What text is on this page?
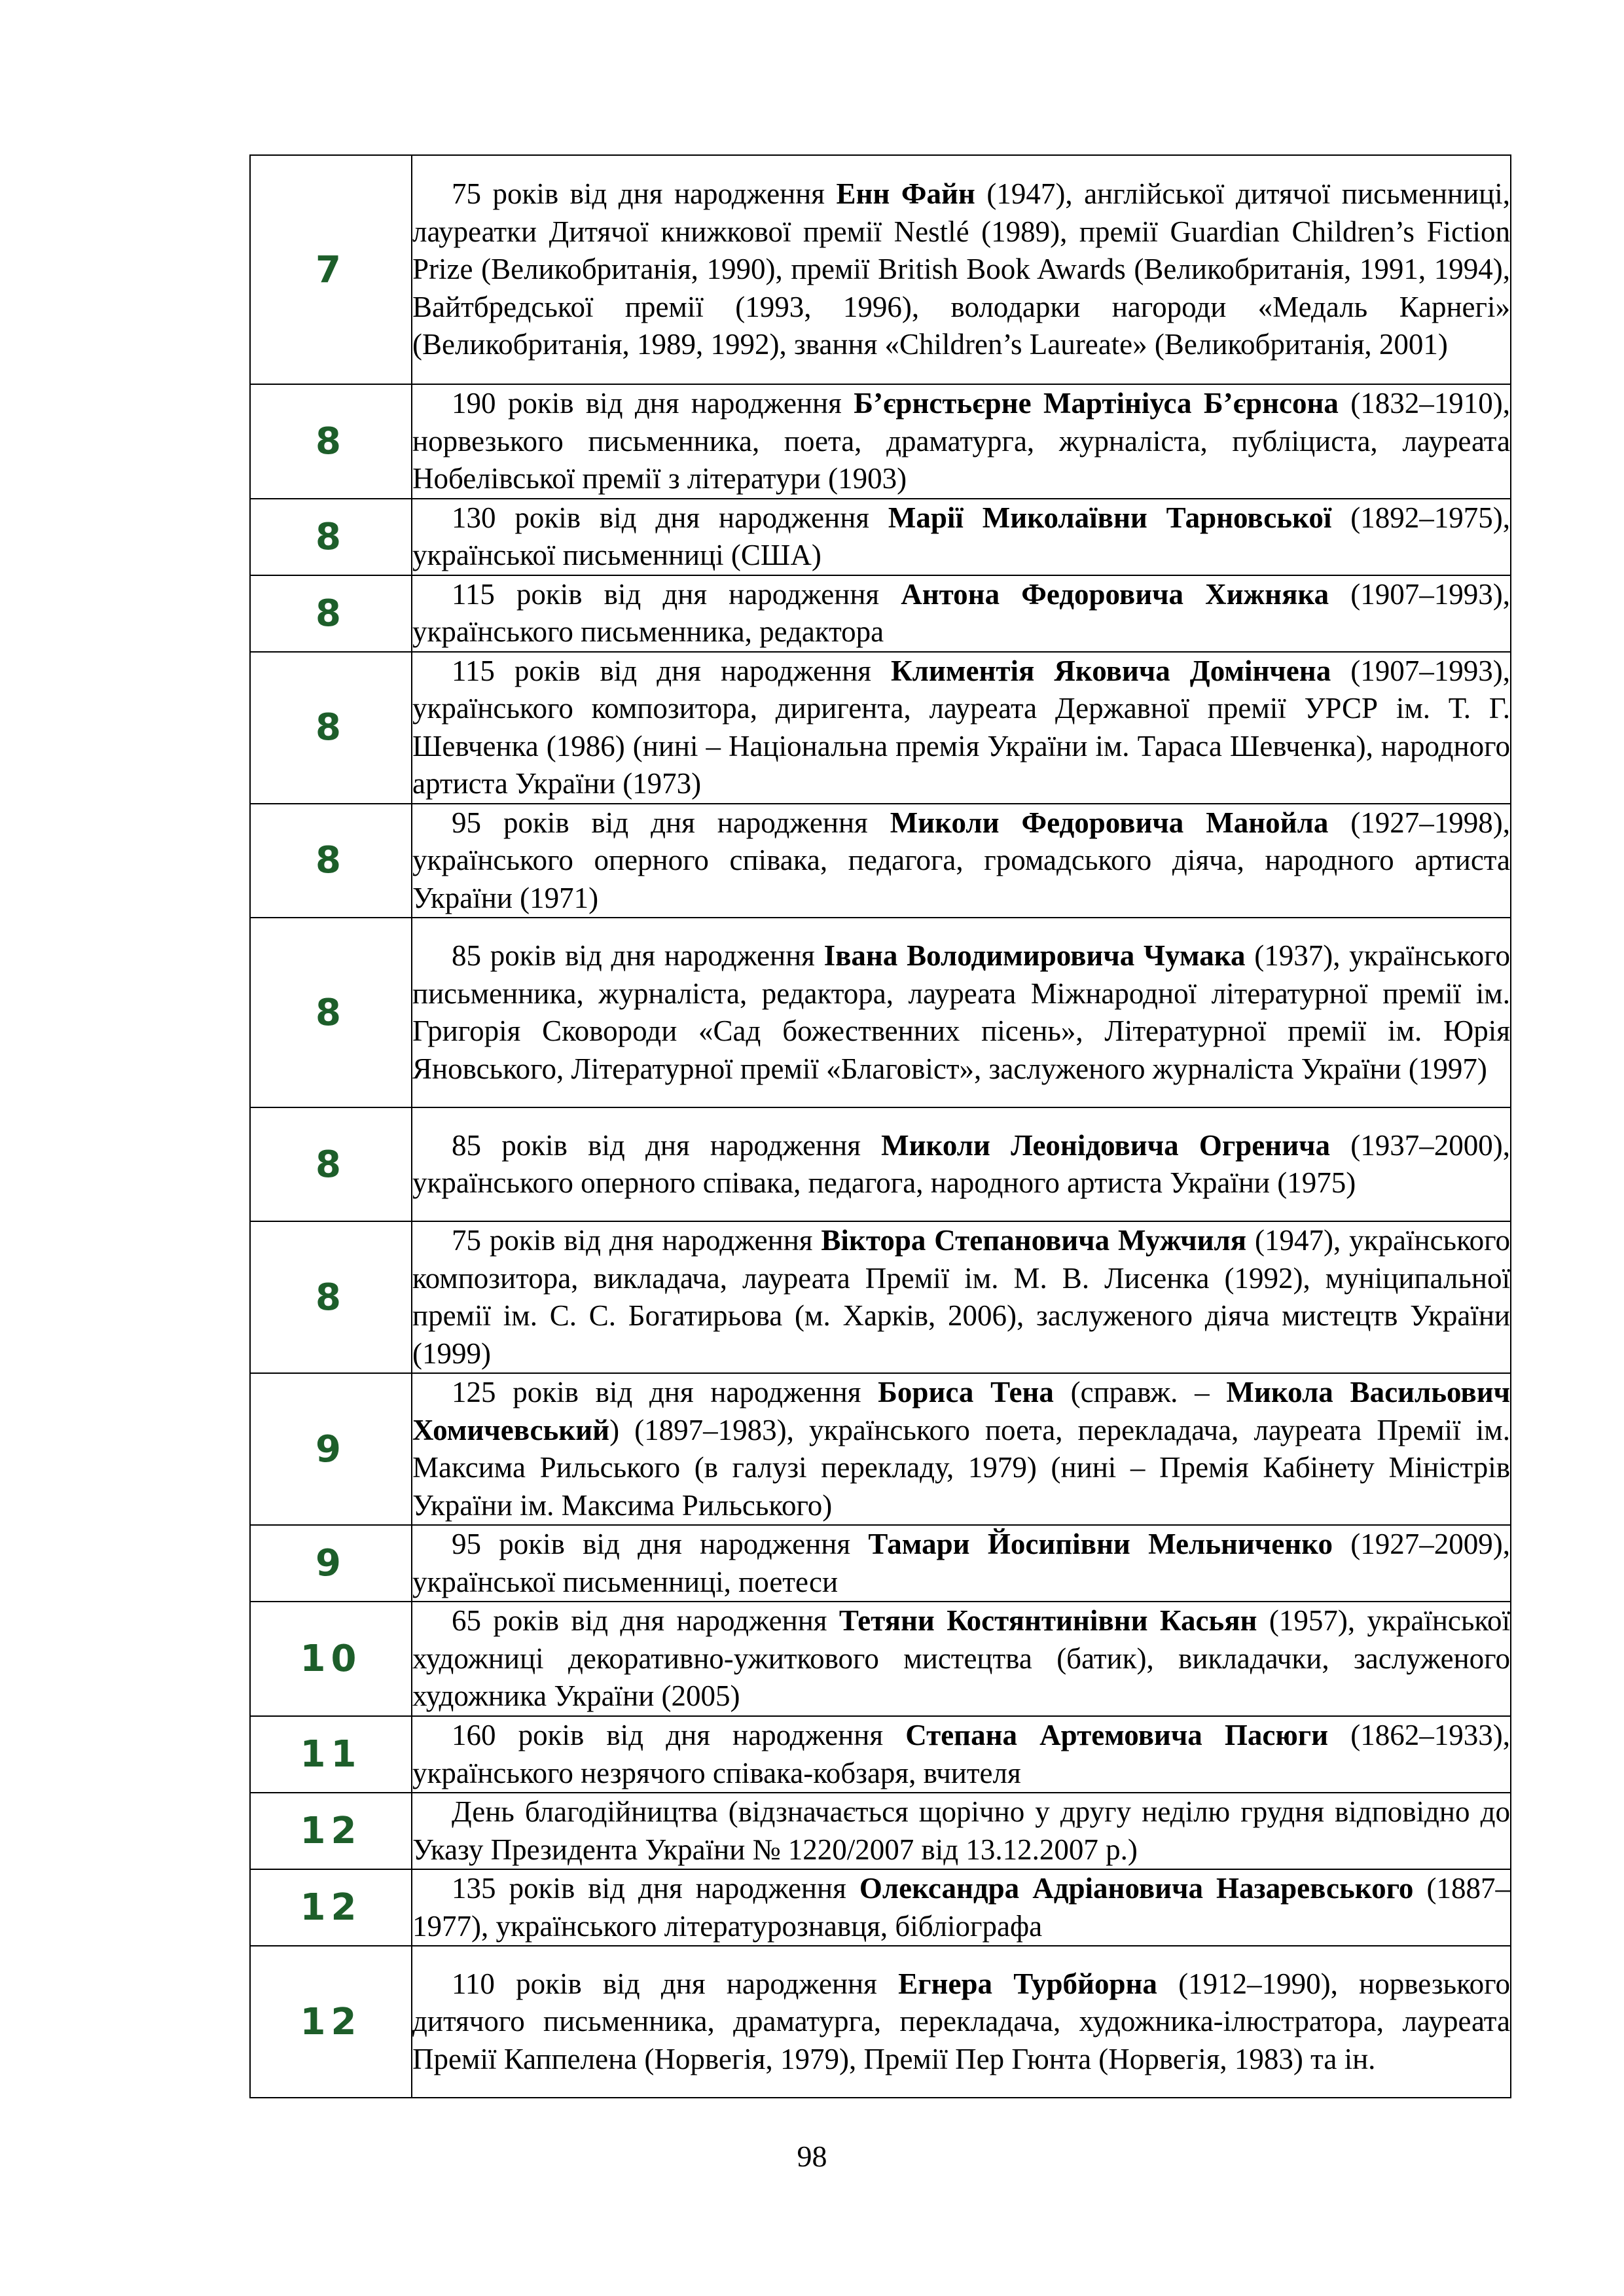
7	75 років від дня народження Енн Файн (1947), англійської дитячої письменниці, лауреатки Дитячої книжкової премії Nestlé (1989), премії Guardian Children’s Fiction Prize (Великобританія, 1990), премії British Book Awards (Великобританія, 1991, 1994), Вайтбредської премії (1993, 1996), володарки нагороди «Медаль Карнегі» (Великобританія, 1989, 1992), звання «Children’s Laureate» (Великобританія, 2001)

8	190 років від дня народження Б’єрнстьєрне Мартініуса Б’єрнсона (1832–1910), норвезького письменника, поета, драматурга, журналіста, публіциста, лауреата Нобелівської премії з літератури (1903)

8	130 років від дня народження Марії Миколаївни Тарновської (1892–1975), української письменниці (США)

8	115 років від дня народження Антона Федоровича Хижняка (1907–1993), українського письменника, редактора

8	115 років від дня народження Климентія Яковича Домінчена (1907–1993), українського композитора, диригента, лауреата Державної премії УРСР ім. Т. Г. Шевченка (1986) (нині – Національна премія України ім. Тараса Шевченка), народного артиста України (1973)

8	95 років від дня народження Миколи Федоровича Манойла (1927–1998), українського оперного співака, педагога, громадського діяча, народного артиста України (1971)

8	85 років від дня народження Івана Володимировича Чумака (1937), українського письменника, журналіста, редактора, лауреата Міжнародної літературної премії ім. Григорія Сковороди «Сад божественних пісень», Літературної премії ім. Юрія Яновського, Літературної премії «Благовіст», заслуженого журналіста України (1997)

8	85 років від дня народження Миколи Леонідовича Огренича (1937–2000), українського оперного співака, педагога, народного артиста України (1975)

8	75 років від дня народження Віктора Степановича Мужчиля (1947), українського композитора, викладача, лауреата Премії ім. М. В. Лисенка (1992), муніципальної премії ім. С. С. Богатирьова (м. Харків, 2006), заслуженого діяча мистецтв України (1999)

9	125 років від дня народження Бориса Тена (справж. – Микола Васильович Хомичевський) (1897–1983), українського поета, перекладача, лауреата Премії ім. Максима Рильського (в галузі перекладу, 1979) (нині – Премія Кабінету Міністрів України ім. Максима Рильського)

9	95 років від дня народження Тамари Йосипівни Мельниченко (1927–2009), української письменниці, поетеси

10	65 років від дня народження Тетяни Костянтинівни Касьян (1957), української художниці декоративно-ужиткового мистецтва (батик), викладачки, заслуженого художника України (2005)

11	160 років від дня народження Степана Артемовича Пасюги (1862–1933), українського незрячого співака-кобзаря, вчителя

12	День благодійництва (відзначається щорічно у другу неділю грудня відповідно до Указу Президента України № 1220/2007 від 13.12.2007 р.)

12	135 років від дня народження Олександра Адріановича Назаревського (1887–1977), українського літературознавця, бібліографа

12	110 років від дня народження Егнера Турбйорна (1912–1990), норвезького дитячого письменника, драматурга, перекладача, художника-ілюстратора, лауреата Премії Каппелена (Норвегія, 1979), Премії Пер Гюнта (Норвегія, 1983) та ін.
98
